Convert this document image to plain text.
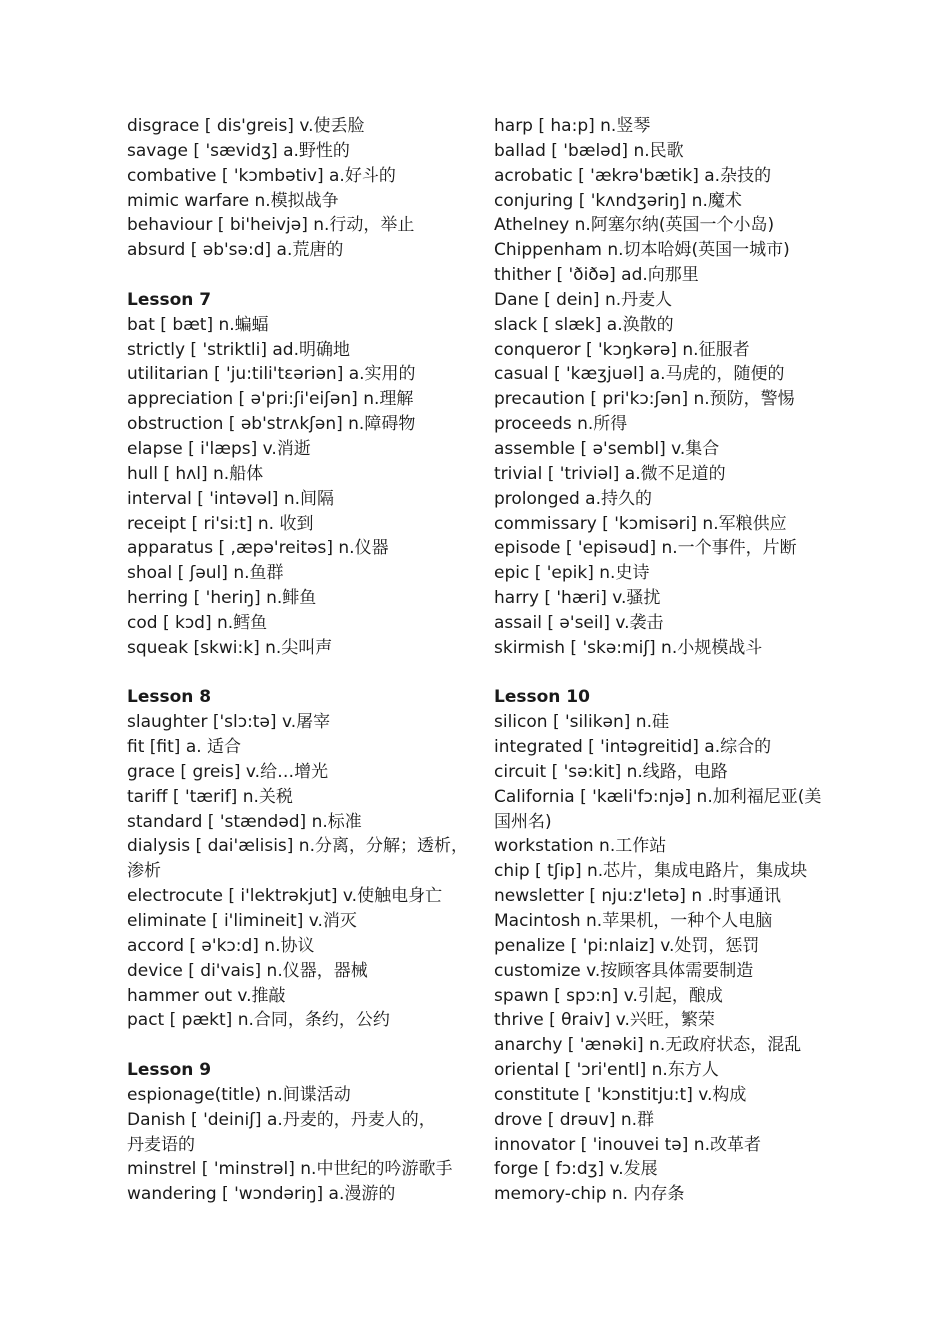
disgrace [ dis'greis] v.使丢脸
savage [ 'sævidʒ] a.野性的
combative [ 'kɔmbətiv] a.好斗的
mimic warfare n.模拟战争
behaviour [ bi'heivjə] n.行动，举止
absurd [ əb'sə:d] a.荒唐的
Lesson 7
bat [ bæt] n.蝙蝠
strictly [ 'striktli] ad.明确地
utilitarian [ 'ju:tili'tεəriən] a.实用的
appreciation [ ə'pri:ʃi'eiʃən] n.理解
obstruction [ əb'strʌkʃən] n.障碍物
elapse [ i'læps] v.消逝
hull [ hʌl] n.船体
interval [ 'intəvəl] n.间隔
receipt [ ri'si:t] n. 收到
apparatus [ ,æpə'reitəs] n.仪器
shoal [ ʃəul] n.鱼群
herring [ 'heriŋ] n.鲱鱼
cod [ kɔd] n.鳕鱼
squeak [skwi:k] n.尖叫声
Lesson 8
slaughter ['slɔ:tə] v.屠宰
fit [fit] a. 适合
grace [ greis] v.给…增光
tariff [ 'tærif] n.关税
standard [ 'stændəd] n.标准
dialysis [ dai'ælisis] n.分离，分解；透析，
渗析
electrocute [ i'lektrəkjut] v.使触电身亡
eliminate [ i'limineit] v.消灭
accord [ ə'kɔ:d] n.协议
device [ di'vais] n.仪器，器械
hammer out v.推敲
pact [ pækt] n.合同，条约，公约
Lesson 9
espionage(title) n.间谍活动
Danish [ 'deiniʃ] a.丹麦的，丹麦人的，
丹麦语的
minstrel [ 'minstrəl] n.中世纪的吟游歌手
wandering [ 'wɔndəriŋ] a.漫游的
harp [ ha:p] n.竖琴
ballad [ 'bæləd] n.民歌
acrobatic [ 'ækrə'bætik] a.杂技的
conjuring [ 'kʌndʒəriŋ] n.魔术
Athelney n.阿塞尔纳(英国一个小岛)
Chippenham n.切本哈姆(英国一城市)
thither [ 'ðiðə] ad.向那里
Dane [ dein] n.丹麦人
slack [ slæk] a.涣散的
conqueror [ 'kɔŋkərə] n.征服者
casual [ 'kæʒjuəl] a.马虎的，随便的
precaution [ pri'kɔ:ʃən] n.预防，警惕
proceeds n.所得
assemble [ ə'sembl] v.集合
trivial [ 'triviəl] a.微不足道的
prolonged a.持久的
commissary [ 'kɔmisəri] n.军粮供应
episode [ 'episəud] n.一个事件，片断
epic [ 'epik] n.史诗
harry [ 'hæri] v.骚扰
assail [ ə'seil] v.袭击
skirmish [ 'skə:miʃ] n.小规模战斗
Lesson 10
silicon [ 'silikən] n.硅
integrated [ 'intəgreitid] a.综合的
circuit [ 'sə:kit] n.线路，电路
California [ 'kæli'fɔ:njə] n.加利福尼亚(美
国州名)
workstation n.工作站
chip [ tʃip] n.芯片，集成电路片，集成块
newsletter [ nju:z'letə] n .时事通讯
Macintosh n.苹果机，一种个人电脑
penalize [ 'pi:nlaiz] v.处罚，惩罚
customize v.按顾客具体需要制造
spawn [ spɔ:n] v.引起，酿成
thrive [ θraiv] v.兴旺，繁荣
anarchy [ 'ænəki] n.无政府状态，混乱
oriental [ 'ɔri'entl] n.东方人
constitute [ 'kɔnstitju:t] v.构成
drove [ drəuv] n.群
innovator [ 'inouvei tə] n.改革者
forge [ fɔ:dʒ] v.发展
memory-chip n. 内存条
